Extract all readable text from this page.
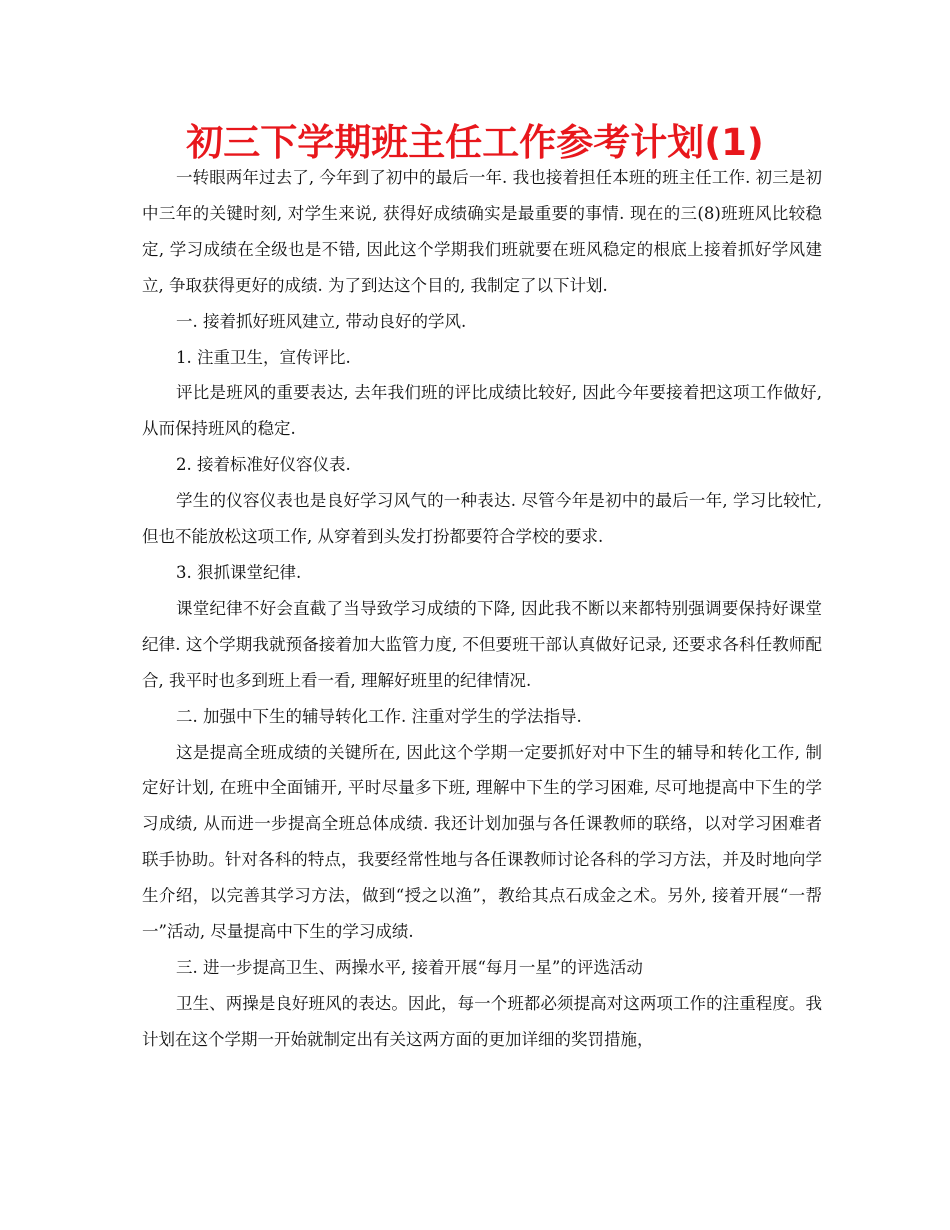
初三下学期班主任工作参考计划(1)

一转眼两年过去了, 今年到了初中的最后一年. 我也接着担任本班的班主任工作. 初三是初中三年的关键时刻, 对学生来说, 获得好成绩确实是最重要的事情. 现在的三(8)班班风比较稳定, 学习成绩在全级也是不错, 因此这个学期我们班就要在班风稳定的根底上接着抓好学风建立, 争取获得更好的成绩. 为了到达这个目的, 我制定了以下计划.

一. 接着抓好班风建立, 带动良好的学风.

1. 注重卫生，宣传评比.

评比是班风的重要表达, 去年我们班的评比成绩比较好, 因此今年要接着把这项工作做好, 从而保持班风的稳定.

2. 接着标准好仪容仪表.

学生的仪容仪表也是良好学习风气的一种表达. 尽管今年是初中的最后一年, 学习比较忙, 但也不能放松这项工作, 从穿着到头发打扮都要符合学校的要求.

3. 狠抓课堂纪律.

课堂纪律不好会直截了当导致学习成绩的下降, 因此我不断以来都特别强调要保持好课堂纪律. 这个学期我就预备接着加大监管力度, 不但要班干部认真做好记录, 还要求各科任教师配合, 我平时也多到班上看一看, 理解好班里的纪律情况.

二. 加强中下生的辅导转化工作. 注重对学生的学法指导.

这是提高全班成绩的关键所在, 因此这个学期一定要抓好对中下生的辅导和转化工作, 制定好计划, 在班中全面铺开, 平时尽量多下班, 理解中下生的学习困难, 尽可地提高中下生的学习成绩, 从而进一步提高全班总体成绩. 我还计划加强与各任课教师的联络，以对学习困难者联手协助。针对各科的特点，我要经常性地与各任课教师讨论各科的学习方法，并及时地向学生介绍，以完善其学习方法，做到“授之以渔”，教给其点石成金之术。另外, 接着开展“一帮一”活动, 尽量提高中下生的学习成绩.

三. 进一步提高卫生、两操水平, 接着开展“每月一星”的评选活动

卫生、两操是良好班风的表达。因此，每一个班都必须提高对这两项工作的注重程度。我计划在这个学期一开始就制定出有关这两方面的更加详细的奖罚措施，
